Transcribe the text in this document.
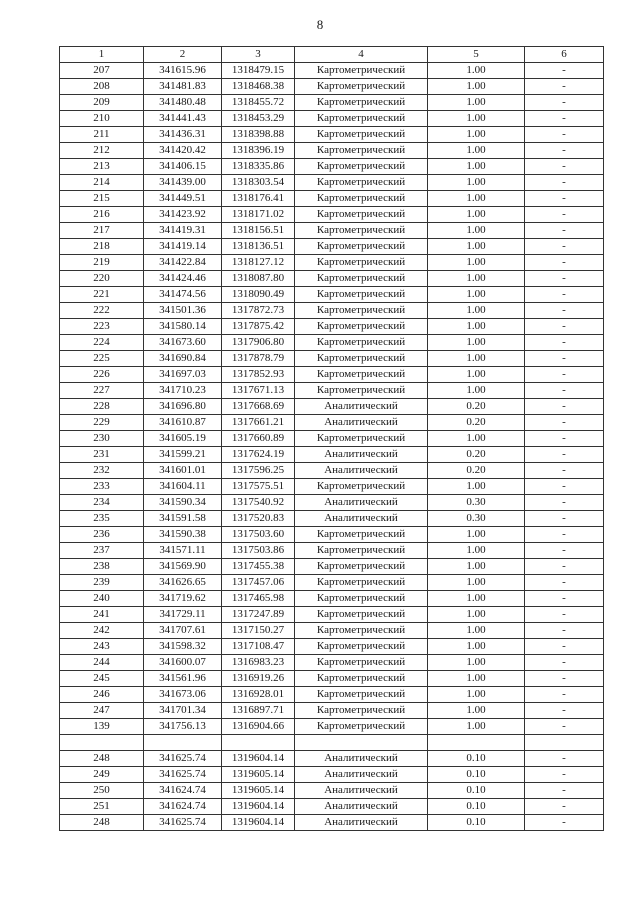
8
1	2	3	4	5	6
207	341615.96	1318479.15	Картометрический	1.00	-
208	341481.83	1318468.38	Картометрический	1.00	-
209	341480.48	1318455.72	Картометрический	1.00	-
210	341441.43	1318453.29	Картометрический	1.00	-
211	341436.31	1318398.88	Картометрический	1.00	-
212	341420.42	1318396.19	Картометрический	1.00	-
213	341406.15	1318335.86	Картометрический	1.00	-
214	341439.00	1318303.54	Картометрический	1.00	-
215	341449.51	1318176.41	Картометрический	1.00	-
216	341423.92	1318171.02	Картометрический	1.00	-
217	341419.31	1318156.51	Картометрический	1.00	-
218	341419.14	1318136.51	Картометрический	1.00	-
219	341422.84	1318127.12	Картометрический	1.00	-
220	341424.46	1318087.80	Картометрический	1.00	-
221	341474.56	1318090.49	Картометрический	1.00	-
222	341501.36	1317872.73	Картометрический	1.00	-
223	341580.14	1317875.42	Картометрический	1.00	-
224	341673.60	1317906.80	Картометрический	1.00	-
225	341690.84	1317878.79	Картометрический	1.00	-
226	341697.03	1317852.93	Картометрический	1.00	-
227	341710.23	1317671.13	Картометрический	1.00	-
228	341696.80	1317668.69	Аналитический	0.20	-
229	341610.87	1317661.21	Аналитический	0.20	-
230	341605.19	1317660.89	Картометрический	1.00	-
231	341599.21	1317624.19	Аналитический	0.20	-
232	341601.01	1317596.25	Аналитический	0.20	-
233	341604.11	1317575.51	Картометрический	1.00	-
234	341590.34	1317540.92	Аналитический	0.30	-
235	341591.58	1317520.83	Аналитический	0.30	-
236	341590.38	1317503.60	Картометрический	1.00	-
237	341571.11	1317503.86	Картометрический	1.00	-
238	341569.90	1317455.38	Картометрический	1.00	-
239	341626.65	1317457.06	Картометрический	1.00	-
240	341719.62	1317465.98	Картометрический	1.00	-
241	341729.11	1317247.89	Картометрический	1.00	-
242	341707.61	1317150.27	Картометрический	1.00	-
243	341598.32	1317108.47	Картометрический	1.00	-
244	341600.07	1316983.23	Картометрический	1.00	-
245	341561.96	1316919.26	Картометрический	1.00	-
246	341673.06	1316928.01	Картометрический	1.00	-
247	341701.34	1316897.71	Картометрический	1.00	-
139	341756.13	1316904.66	Картометрический	1.00	-

248	341625.74	1319604.14	Аналитический	0.10	-
249	341625.74	1319605.14	Аналитический	0.10	-
250	341624.74	1319605.14	Аналитический	0.10	-
251	341624.74	1319604.14	Аналитический	0.10	-
248	341625.74	1319604.14	Аналитический	0.10	-
